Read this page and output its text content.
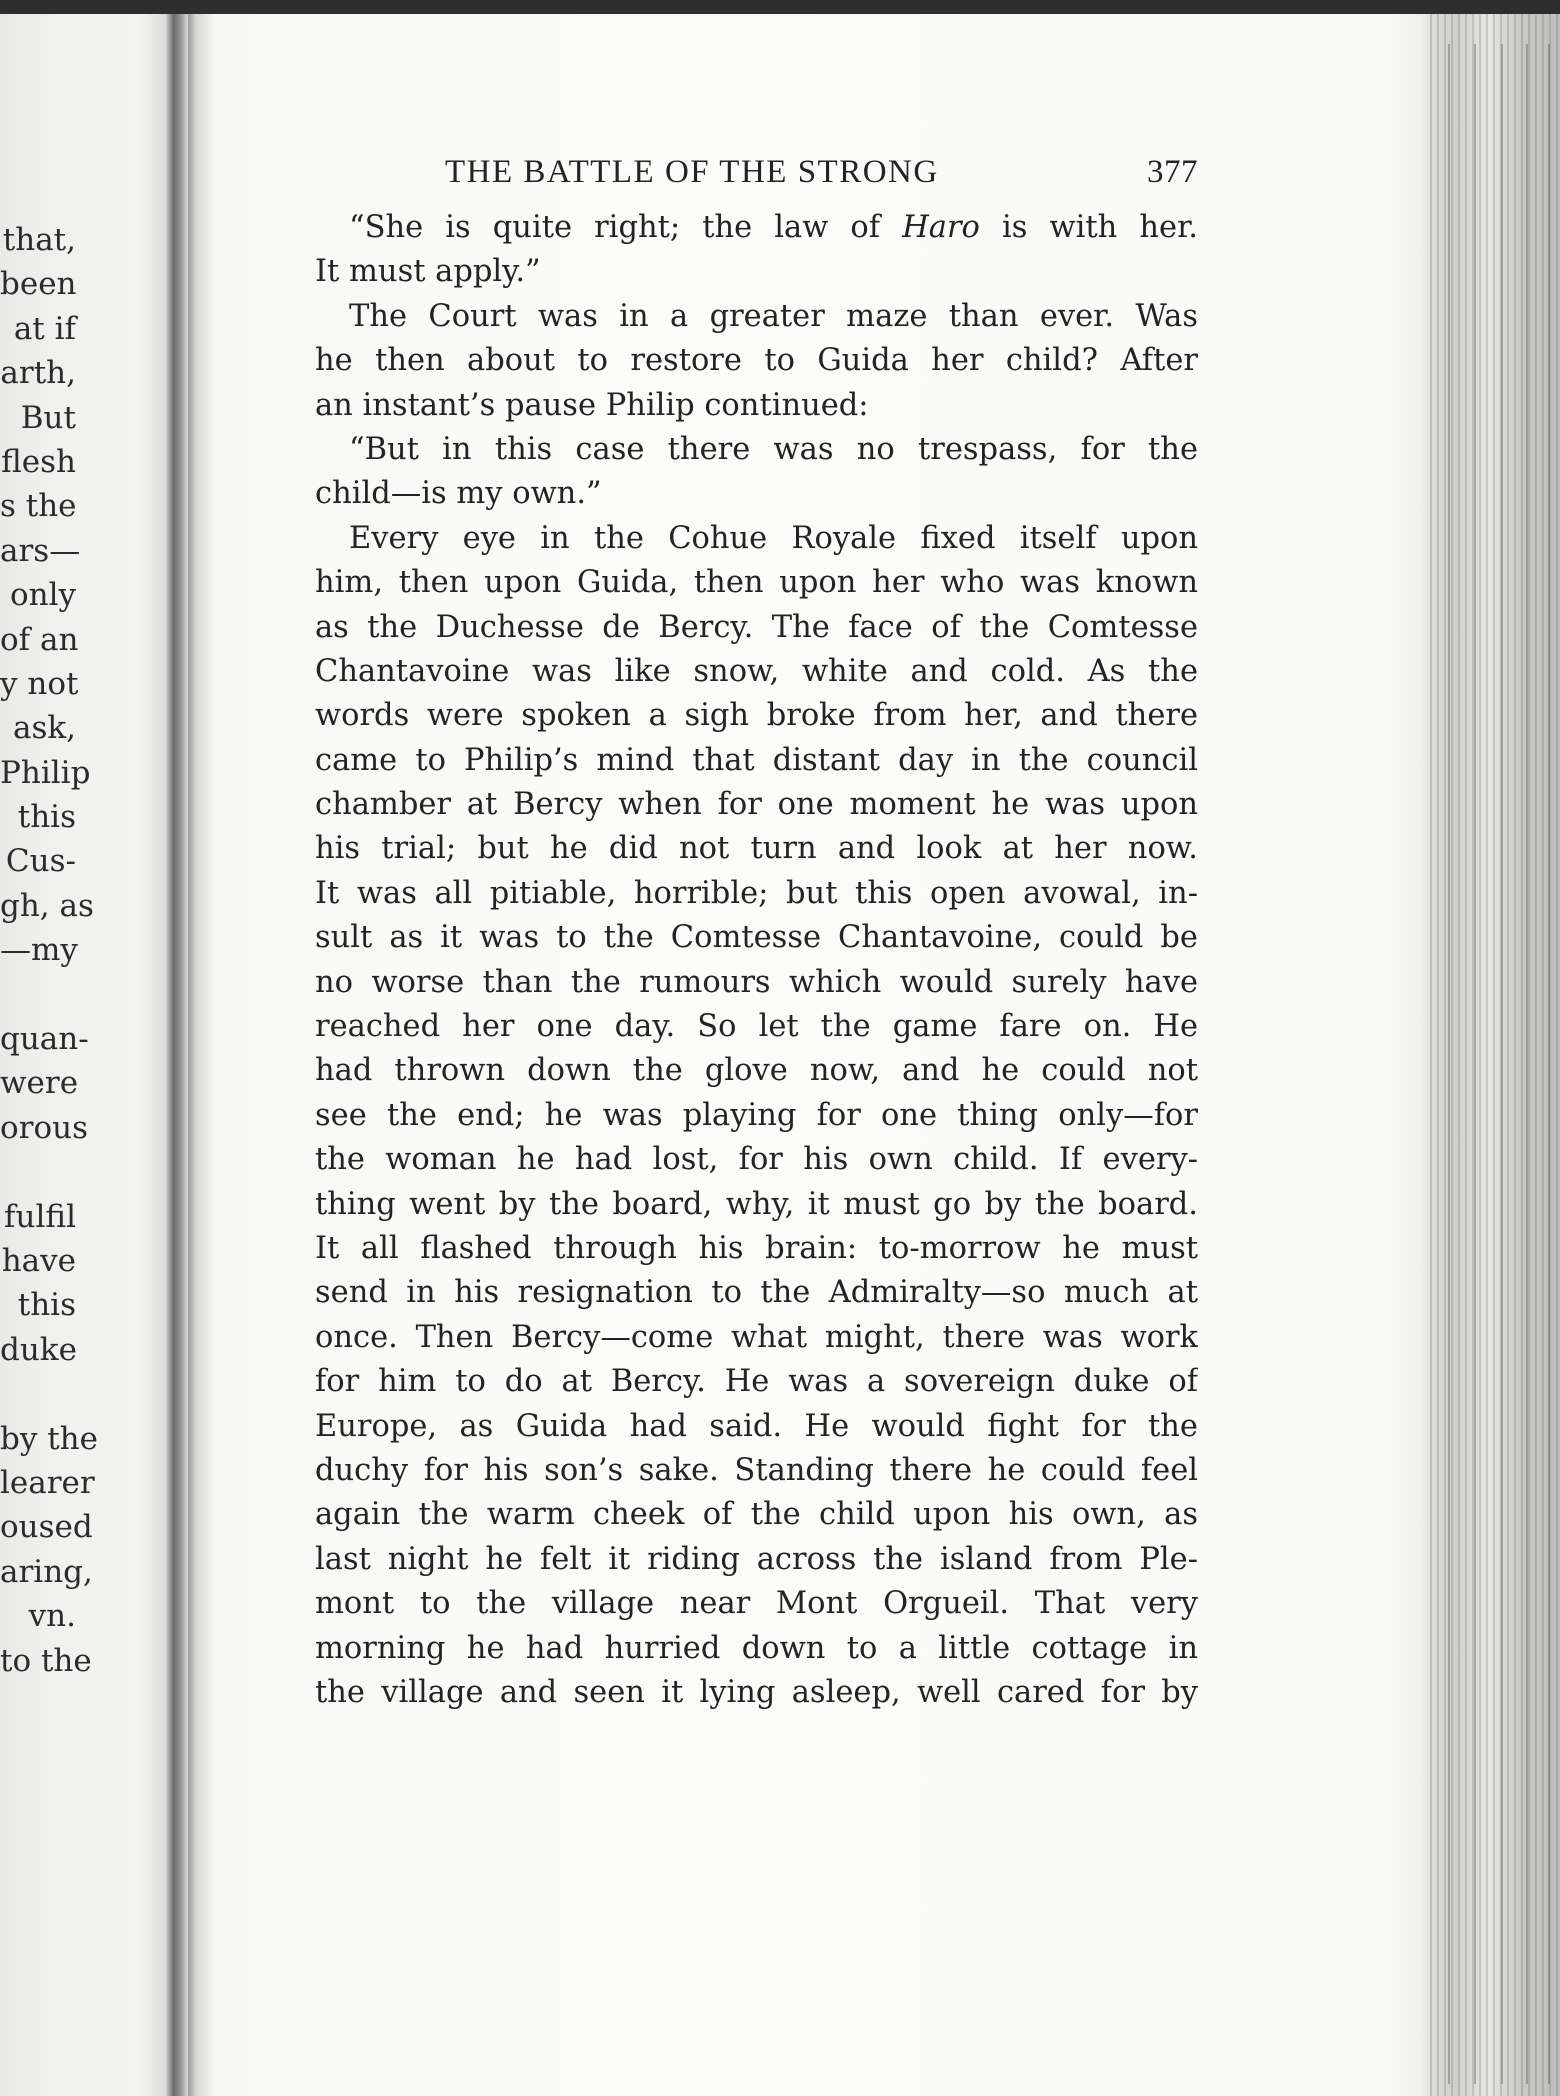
that,
been
at if
arth,
But
flesh
s the
ars—
only
of an
y not
ask,
Philip
this
Cus-
gh, as
—my
quan-
were
orous
fulfil
have
this
duke
by the
learer
oused
aring,
vn.
to the
THE BATTLE OF THE STRONG	377
“She is quite right; the law of Haro is with her.
It must apply.”
The Court was in a greater maze than ever. Was
he then about to restore to Guida her child? After
an instant’s pause Philip continued:
“But in this case there was no trespass, for the
child—is my own.”
Every eye in the Cohue Royale fixed itself upon
him, then upon Guida, then upon her who was known
as the Duchesse de Bercy. The face of the Comtesse
Chantavoine was like snow, white and cold. As the
words were spoken a sigh broke from her, and there
came to Philip’s mind that distant day in the council
chamber at Bercy when for one moment he was upon
his trial; but he did not turn and look at her now.
It was all pitiable, horrible; but this open avowal, in-
sult as it was to the Comtesse Chantavoine, could be
no worse than the rumours which would surely have
reached her one day. So let the game fare on. He
had thrown down the glove now, and he could not
see the end; he was playing for one thing only—for
the woman he had lost, for his own child. If every-
thing went by the board, why, it must go by the board.
It all flashed through his brain: to-morrow he must
send in his resignation to the Admiralty—so much at
once. Then Bercy—come what might, there was work
for him to do at Bercy. He was a sovereign duke of
Europe, as Guida had said. He would fight for the
duchy for his son’s sake. Standing there he could feel
again the warm cheek of the child upon his own, as
last night he felt it riding across the island from Ple-
mont to the village near Mont Orgueil. That very
morning he had hurried down to a little cottage in
the village and seen it lying asleep, well cared for by
